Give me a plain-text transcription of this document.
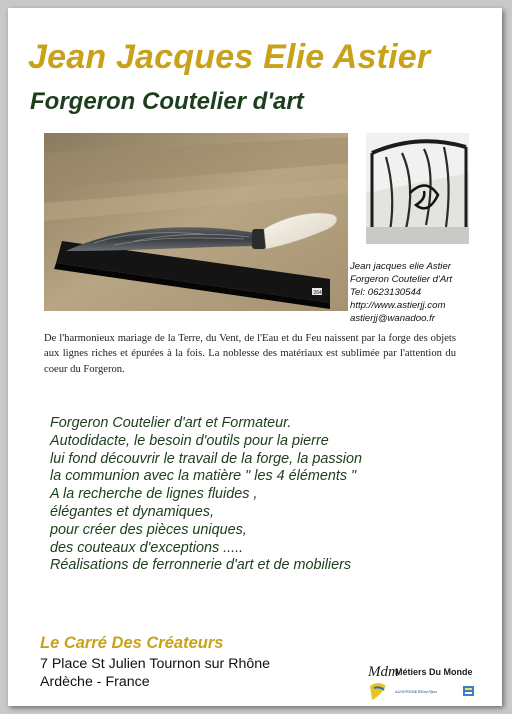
Jean Jacques Elie Astier
Forgeron Coutelier d'art
264
Jean jacques elie Astier
Forgeron Coutelier d'Art
Tel: 0623130544
http://www.astierjj.com
astierjj@wanadoo.fr

De l'harmonieux mariage de la Terre, du Vent, de l'Eau et du Feu naissent par la forge des objets aux lignes riches et épurées à la fois. La noblesse des matériaux est sublimée par l'attention du coeur du Forgeron.

Forgeron Coutelier d'art et Formateur.
Autodidacte, le besoin d'outils pour la pierre
lui fond découvrir le travail de la forge, la passion
la communion avec la matière " les 4 éléments "
A la recherche de lignes fluides ,
élégantes et dynamiques,
pour créer des pièces uniques,
des couteaux d'exceptions .....
Réalisations de ferronnerie d'art et de mobiliers
Le Carré Des Créateurs
7 Place St Julien Tournon sur Rhône
Ardèche - France
Mdm
AUVERGNE RhôneAlpes
Métiers Du Monde
